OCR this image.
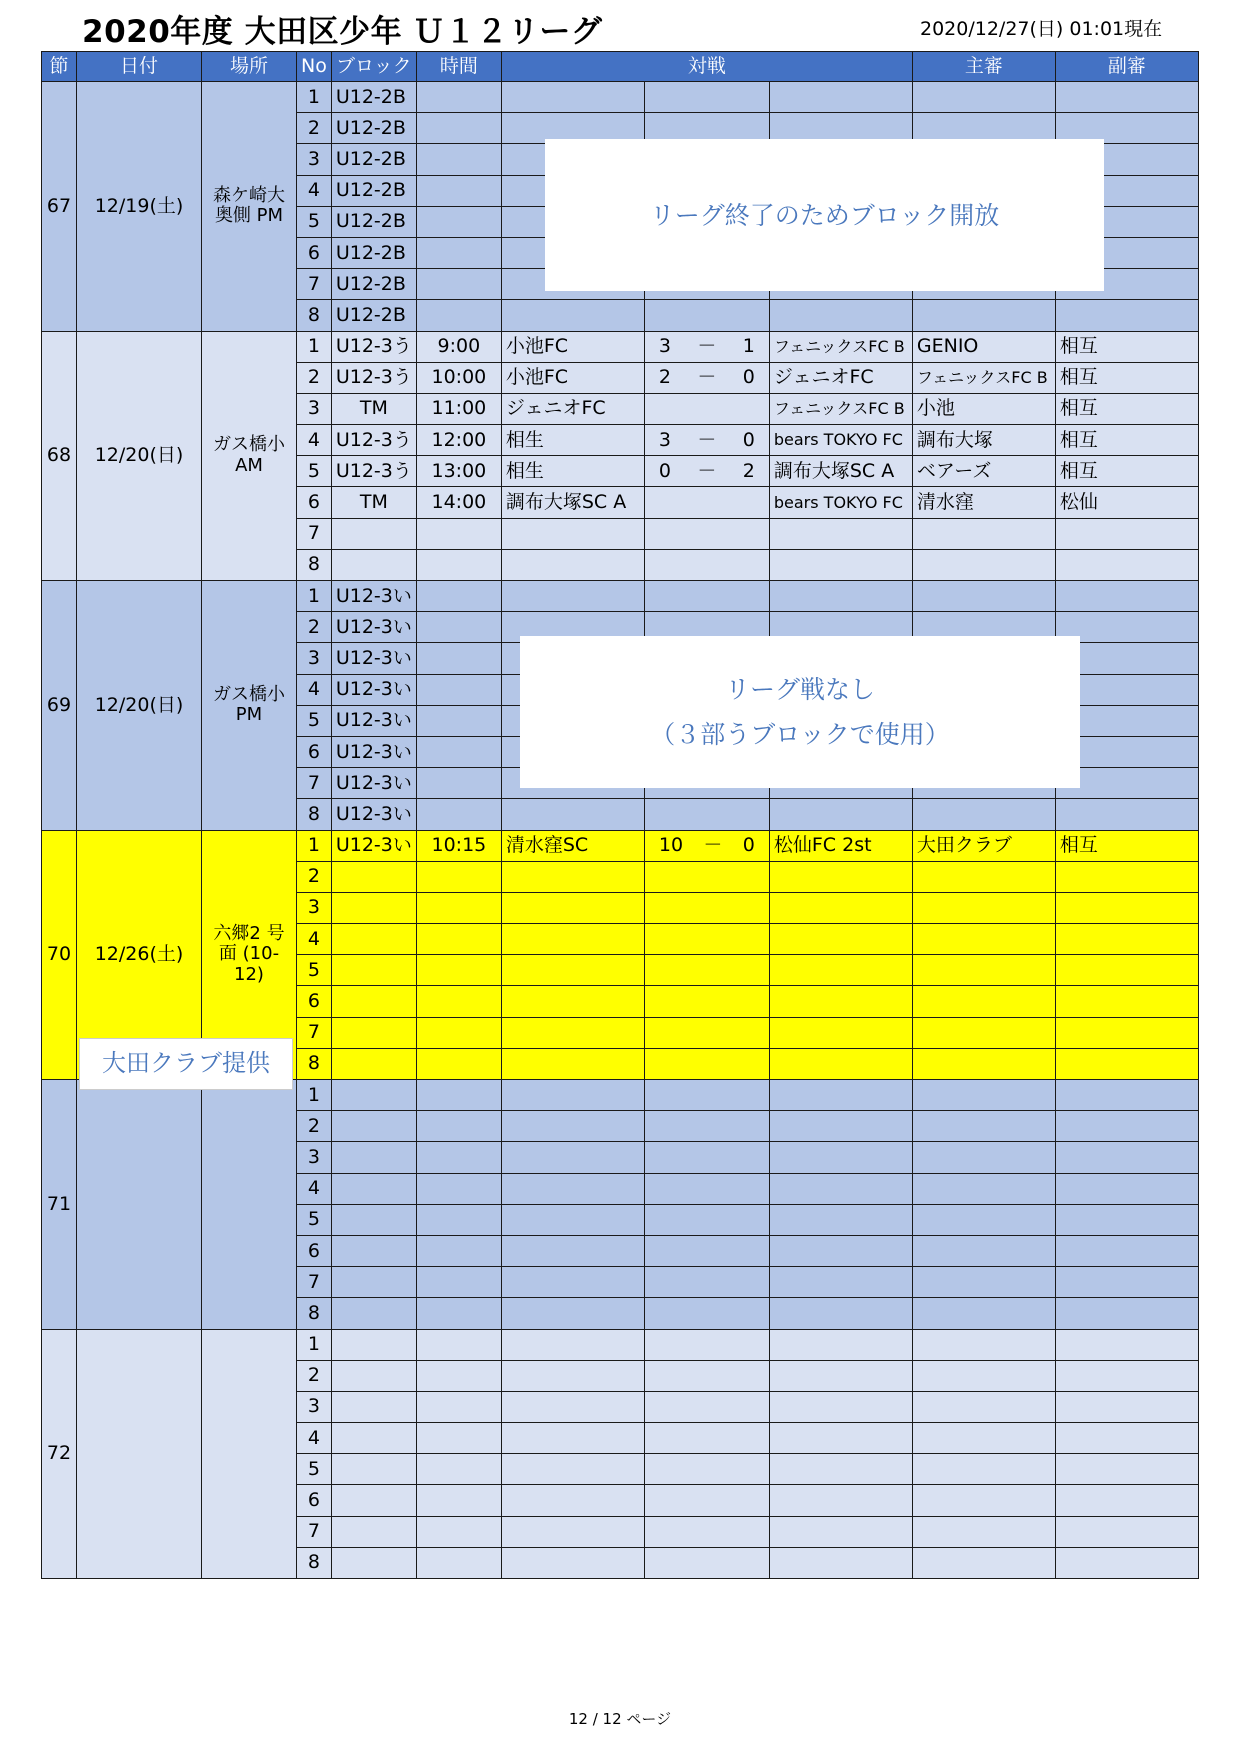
2020年度 大田区少年 Ｕ１２リーグ	2020/12/27(日) 01:01現在
節	日付	場所	No	ブロック	時間	対戦			主審	副審
67	12/19(土)	森ケ崎大 奥側 PM	1	U12-2B			

			2	U12-2B			

			3	U12-2B			

			4	U12-2B			

			5	U12-2B			

			6	U12-2B			

			7	U12-2B			

			8	U12-2B			

68	12/20(日)	ガス橋小 AM	1	U12-3う	9:00	小池FC	3 － 1	フェニックスFC B	GENIO	相互
			2	U12-3う	10:00	小池FC	2 － 0	ジェニオFC	フェニックスFC B	相互
			3	TM	11:00	ジェニオFC		フェニックスFC B	小池	相互
			4	U12-3う	12:00	相生	3 － 0	bears TOKYO FC	調布大塚	相互
			5	U12-3う	13:00	相生	0 － 2	調布大塚SC A	ベアーズ	相互
			6	TM	14:00	調布大塚SC A		bears TOKYO FC	清水窪	松仙
			7				

			8				

69	12/20(日)	ガス橋小 PM	1	U12-3い			

			2	U12-3い			

			3	U12-3い			

			4	U12-3い			

			5	U12-3い			

			6	U12-3い			

			7	U12-3い			

			8	U12-3い			

70	12/26(土)	六郷2 号面 (10-12)	1	U12-3い	10:15	清水窪SC	10 － 0	松仙FC 2st	大田クラブ	相互
			2				

			3				

			4				

			5				

			6				

			7				

			8				

71			1				

			2				

			3				

			4				

			5				

			6				

			7				

			8				

72			1				

			2				

			3				

			4				

			5				

			6				

			7				

			8				

リーグ終了のためブロック開放
リーグ戦なし
（３部うブロックで使用）
大田クラブ提供
12 / 12 ページ
